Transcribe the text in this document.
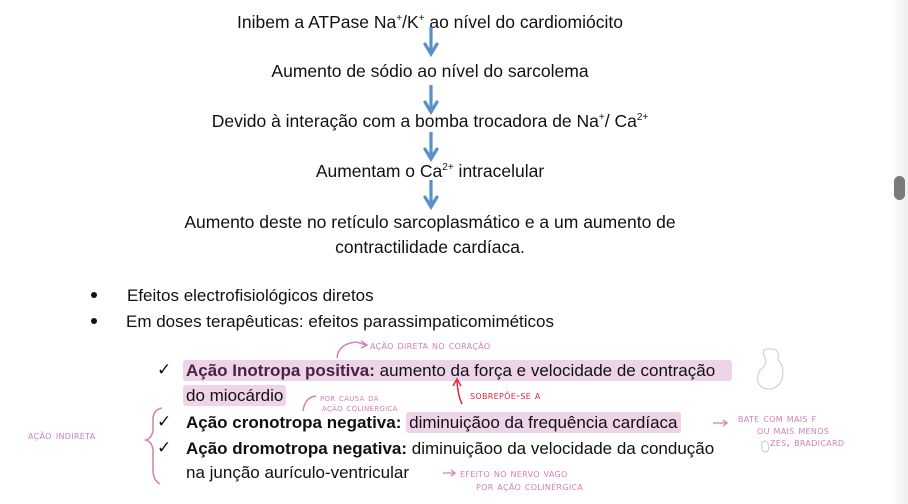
Inibem a ATPase Na+/K+ ao nível do cardiomiócito
Aumento de sódio ao nível do sarcolema
Devido à interação com a bomba trocadora de Na+/ $Ca^{2+}$
Aumentam o $Ca^{2+}$ intracelular
Aumento deste no retículo sarcoplasmático e a um aumento de
contractilidade cardíaca.
Efeitos electrofisiológicos diretos
Em doses terapêuticas: efeitos parassimpaticomiméticos
✓ Ação Inotropa positiva: aumento da força e velocidade de contração
do miocárdio
✓ Ação cronotropa negativa: diminuiçãoo da frequência cardíaca
✓ Ação dromotropa negativa: diminuiçãoo da velocidade da condução
na junção aurículo-ventricular
ação direta no coração
sobrepõe-se a
por causa da
ação colinérgica
ação indireta
bate com mais f
ou mais menos
zes, bradicard
efeito no nervo vago
por ação colinérgica
